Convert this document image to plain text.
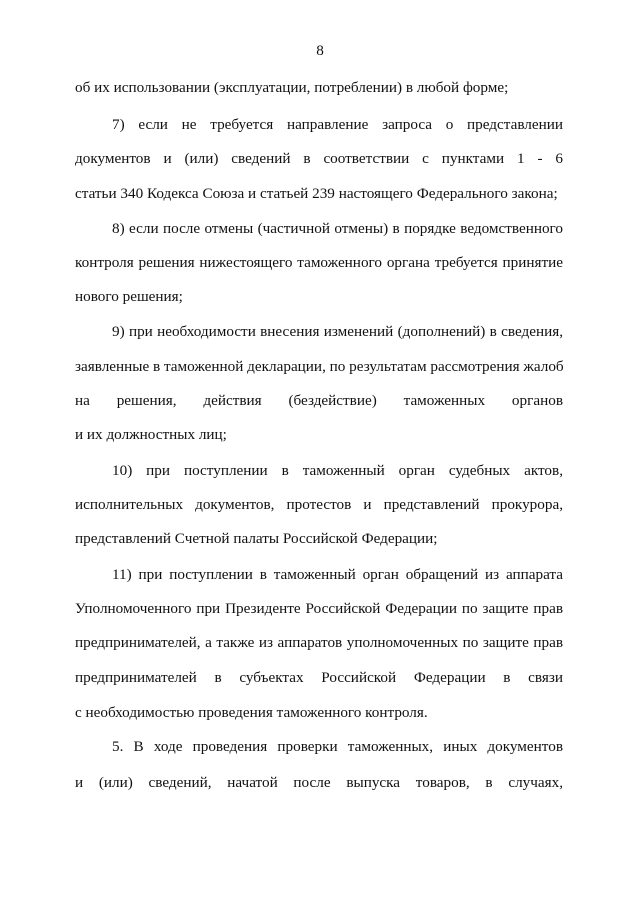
8
об их использовании (эксплуатации, потреблении) в любой форме;
7) если не требуется направление запроса о представлении
документов и (или) сведений в соответствии с пунктами 1 - 6
статьи 340 Кодекса Союза и статьей 239 настоящего Федерального закона;
8) если после отмены (частичной отмены) в порядке ведомственного
контроля решения нижестоящего таможенного органа требуется принятие
нового решения;
9) при необходимости внесения изменений (дополнений) в сведения,
заявленные в таможенной декларации, по результатам рассмотрения жалоб
на решения, действия (бездействие) таможенных органов
и их должностных лиц;
10) при поступлении в таможенный орган судебных актов,
исполнительных документов, протестов и представлений прокурора,
представлений Счетной палаты Российской Федерации;
11) при поступлении в таможенный орган обращений из аппарата
Уполномоченного при Президенте Российской Федерации по защите прав
предпринимателей, а также из аппаратов уполномоченных по защите прав
предпринимателей в субъектах Российской Федерации в связи
с необходимостью проведения таможенного контроля.
5. В ходе проведения проверки таможенных, иных документов
и (или) сведений, начатой после выпуска товаров, в случаях,
